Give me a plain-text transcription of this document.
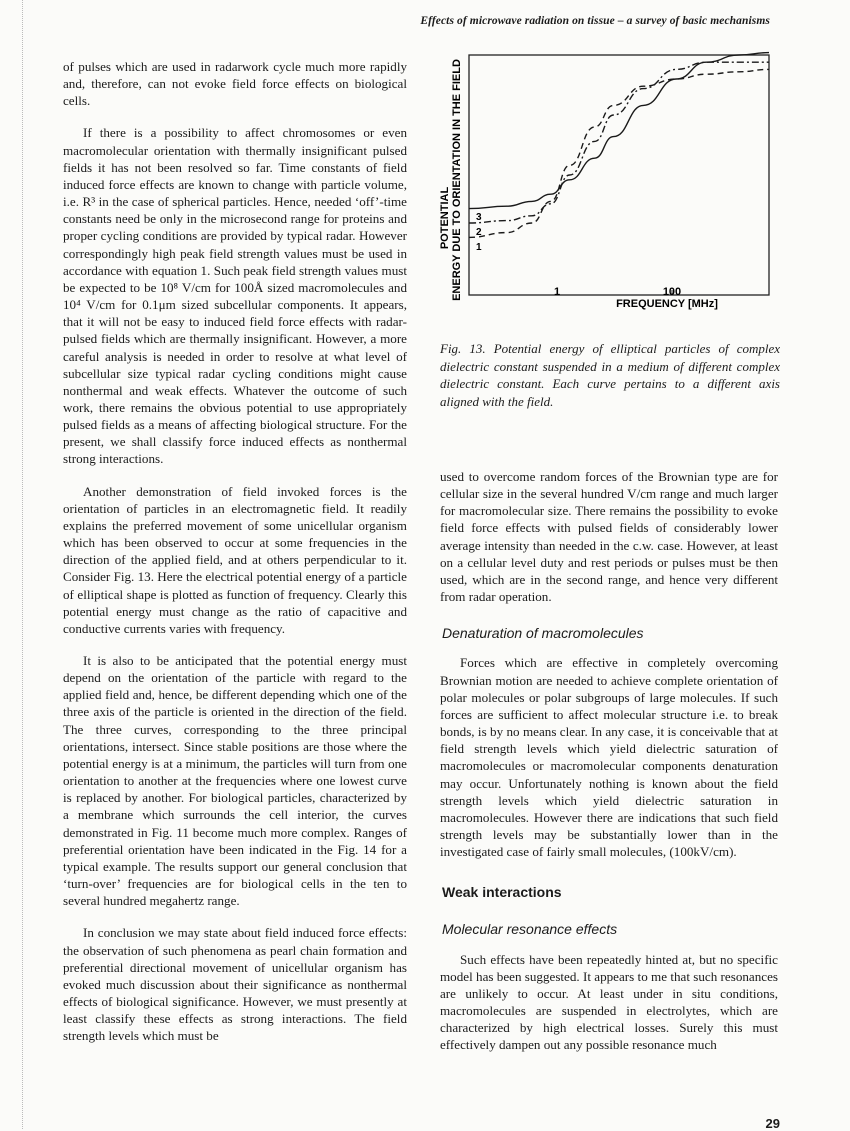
Effects of microwave radiation on tissue – a survey of basic mechanisms

of pulses which are used in radarwork cycle much more rapidly and, therefore, can not evoke field force effects on biological cells.

If there is a possibility to affect chromosomes or even macromolecular orientation with thermally insignificant pulsed fields it has not been resolved so far. Time constants of field induced force effects are known to change with particle volume, i.e. R³ in the case of spherical particles. Hence, needed ‘off’-time constants need be only in the microsecond range for proteins and proper cycling conditions are provided by typical radar. However correspondingly high peak field strength values must be used in accordance with equation 1. Such peak field strength values must be expected to be 10⁸ V/cm for 100Å sized macromolecules and 10⁴ V/cm for 0.1μm sized subcellular components. It appears, that it will not be easy to induced field force effects with radar-pulsed fields which are thermally insignificant. However, a more careful analysis is needed in order to resolve at what level of subcellular size typical radar cycling conditions might cause nonthermal and weak effects. Whatever the outcome of such work, there remains the obvious potential to use appropriately pulsed fields as a means of affecting biological structure. For the present, we shall classify force induced effects as nonthermal strong interactions.

Another demonstration of field invoked forces is the orientation of particles in an electromagnetic field. It readily explains the preferred movement of some unicellular organism which has been observed to occur at some frequencies in the direction of the applied field, and at others perpendicular to it. Consider Fig. 13. Here the electrical potential energy of a particle of elliptical shape is plotted as function of frequency. Clearly this potential energy must change as the ratio of capacitive and conductive currents varies with frequency.

It is also to be anticipated that the potential energy must depend on the orientation of the particle with regard to the applied field and, hence, be different depending which one of the three axis of the particle is oriented in the direction of the field. The three curves, corresponding to the three principal orientations, intersect. Since stable positions are those where the potential energy is at a minimum, the particles will turn from one orientation to another at the frequencies where one lowest curve is replaced by another. For biological particles, characterized by a membrane which surrounds the cell interior, the curves demonstrated in Fig. 11 become much more complex. Ranges of preferential orientation have been indicated in the Fig. 14 for a typical example. The results support our general conclusion that ‘turn-over’ frequencies are for biological cells in the ten to several hundred megahertz range.

In conclusion we may state about field induced force effects: the observation of such phenomena as pearl chain formation and preferential directional movement of unicellular organism has evoked much discussion about their significance as nonthermal effects of biological significance. However, we must presently at least classify these effects as strong interactions. The field strength levels which must be

POTENTIAL ENERGY DUE TO ORIENTATION IN THE FIELD	1	100
FREQUENCY [MHz]
3
2
1
Fig. 13. Potential energy of elliptical particles of complex dielectric constant suspended in a medium of different complex dielectric constant. Each curve pertains to a different axis aligned with the field.

used to overcome random forces of the Brownian type are for cellular size in the several hundred V/cm range and much larger for macromolecular size. There remains the possibility to evoke field force effects with pulsed fields of considerably lower average intensity than needed in the c.w. case. However, at least on a cellular level duty and rest periods or pulses must be then used, which are in the second range, and hence very different from radar operation.

Denaturation of macromolecules

Forces which are effective in completely overcoming Brownian motion are needed to achieve complete orientation of polar molecules or polar subgroups of large molecules. If such forces are sufficient to affect molecular structure i.e. to break bonds, is by no means clear. In any case, it is conceivable that at field strength levels which yield dielectric saturation of macromolecules or macromolecular components denaturation may occur. Unfortunately nothing is known about the field strength levels which yield dielectric saturation in macromolecules. However there are indications that such field strength levels may be substantially lower than in the investigated case of fairly small molecules, (100kV/cm).

Weak interactions
Molecular resonance effects

Such effects have been repeatedly hinted at, but no specific model has been suggested. It appears to me that such resonances are unlikely to occur. At least under in situ conditions, macromolecules are suspended in electrolytes, which are characterized by high electrical losses. Surely this must effectively dampen out any possible resonance much

29
